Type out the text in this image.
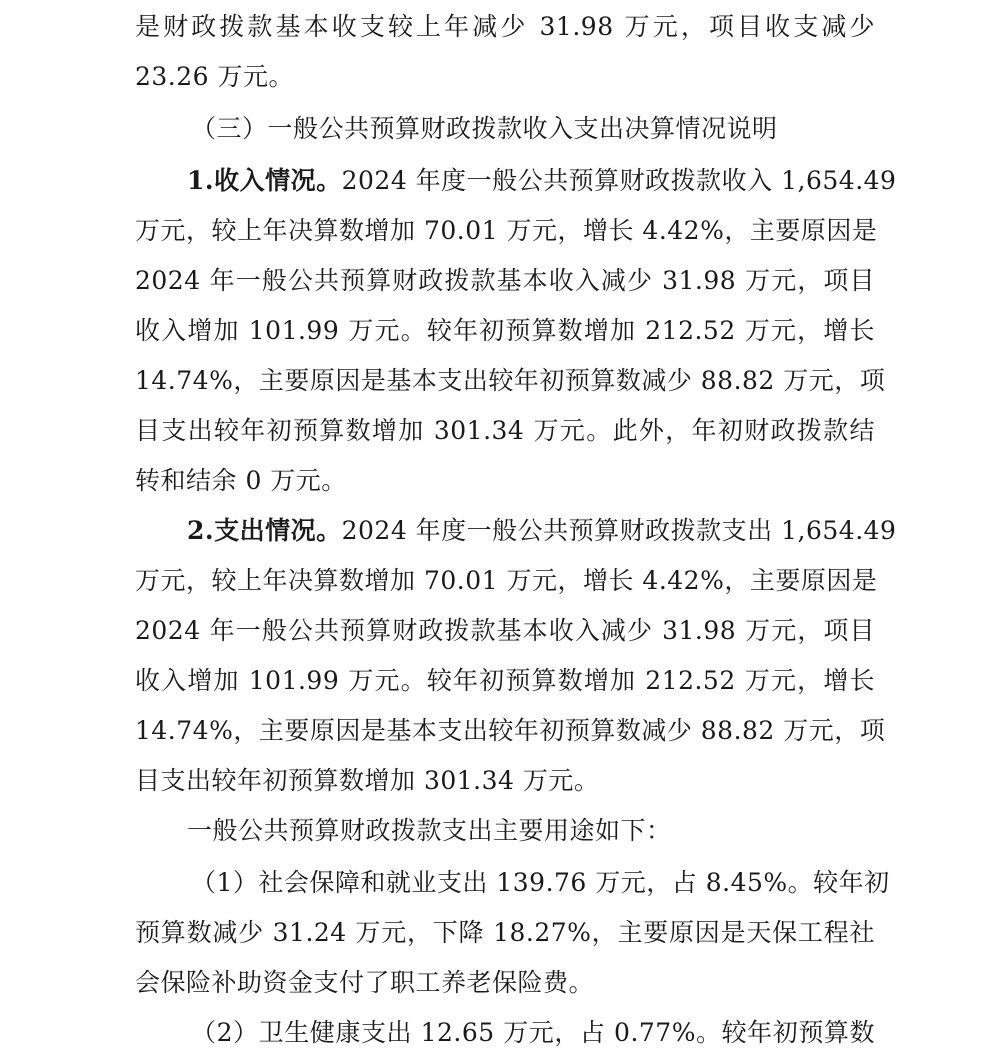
是财政拨款基本收支较上年减少 31.98 万元，项目收支减少
23.26 万元。
（三）一般公共预算财政拨款收入支出决算情况说明
1.收入情况。2024 年度一般公共预算财政拨款收入 1,654.49
万元，较上年决算数增加 70.01 万元，增长 4.42%，主要原因是
2024 年一般公共预算财政拨款基本收入减少 31.98 万元，项目
收入增加 101.99 万元。较年初预算数增加 212.52 万元，增长
14.74%，主要原因是基本支出较年初预算数减少 88.82 万元，项
目支出较年初预算数增加 301.34 万元。此外，年初财政拨款结
转和结余 0 万元。
2.支出情况。2024 年度一般公共预算财政拨款支出 1,654.49
万元，较上年决算数增加 70.01 万元，增长 4.42%，主要原因是
2024 年一般公共预算财政拨款基本收入减少 31.98 万元，项目
收入增加 101.99 万元。较年初预算数增加 212.52 万元，增长
14.74%，主要原因是基本支出较年初预算数减少 88.82 万元，项
目支出较年初预算数增加 301.34 万元。
一般公共预算财政拨款支出主要用途如下：
（1）社会保障和就业支出 139.76 万元，占 8.45%。较年初
预算数减少 31.24 万元，下降 18.27%，主要原因是天保工程社
会保险补助资金支付了职工养老保险费。
（2）卫生健康支出 12.65 万元，占 0.77%。较年初预算数
